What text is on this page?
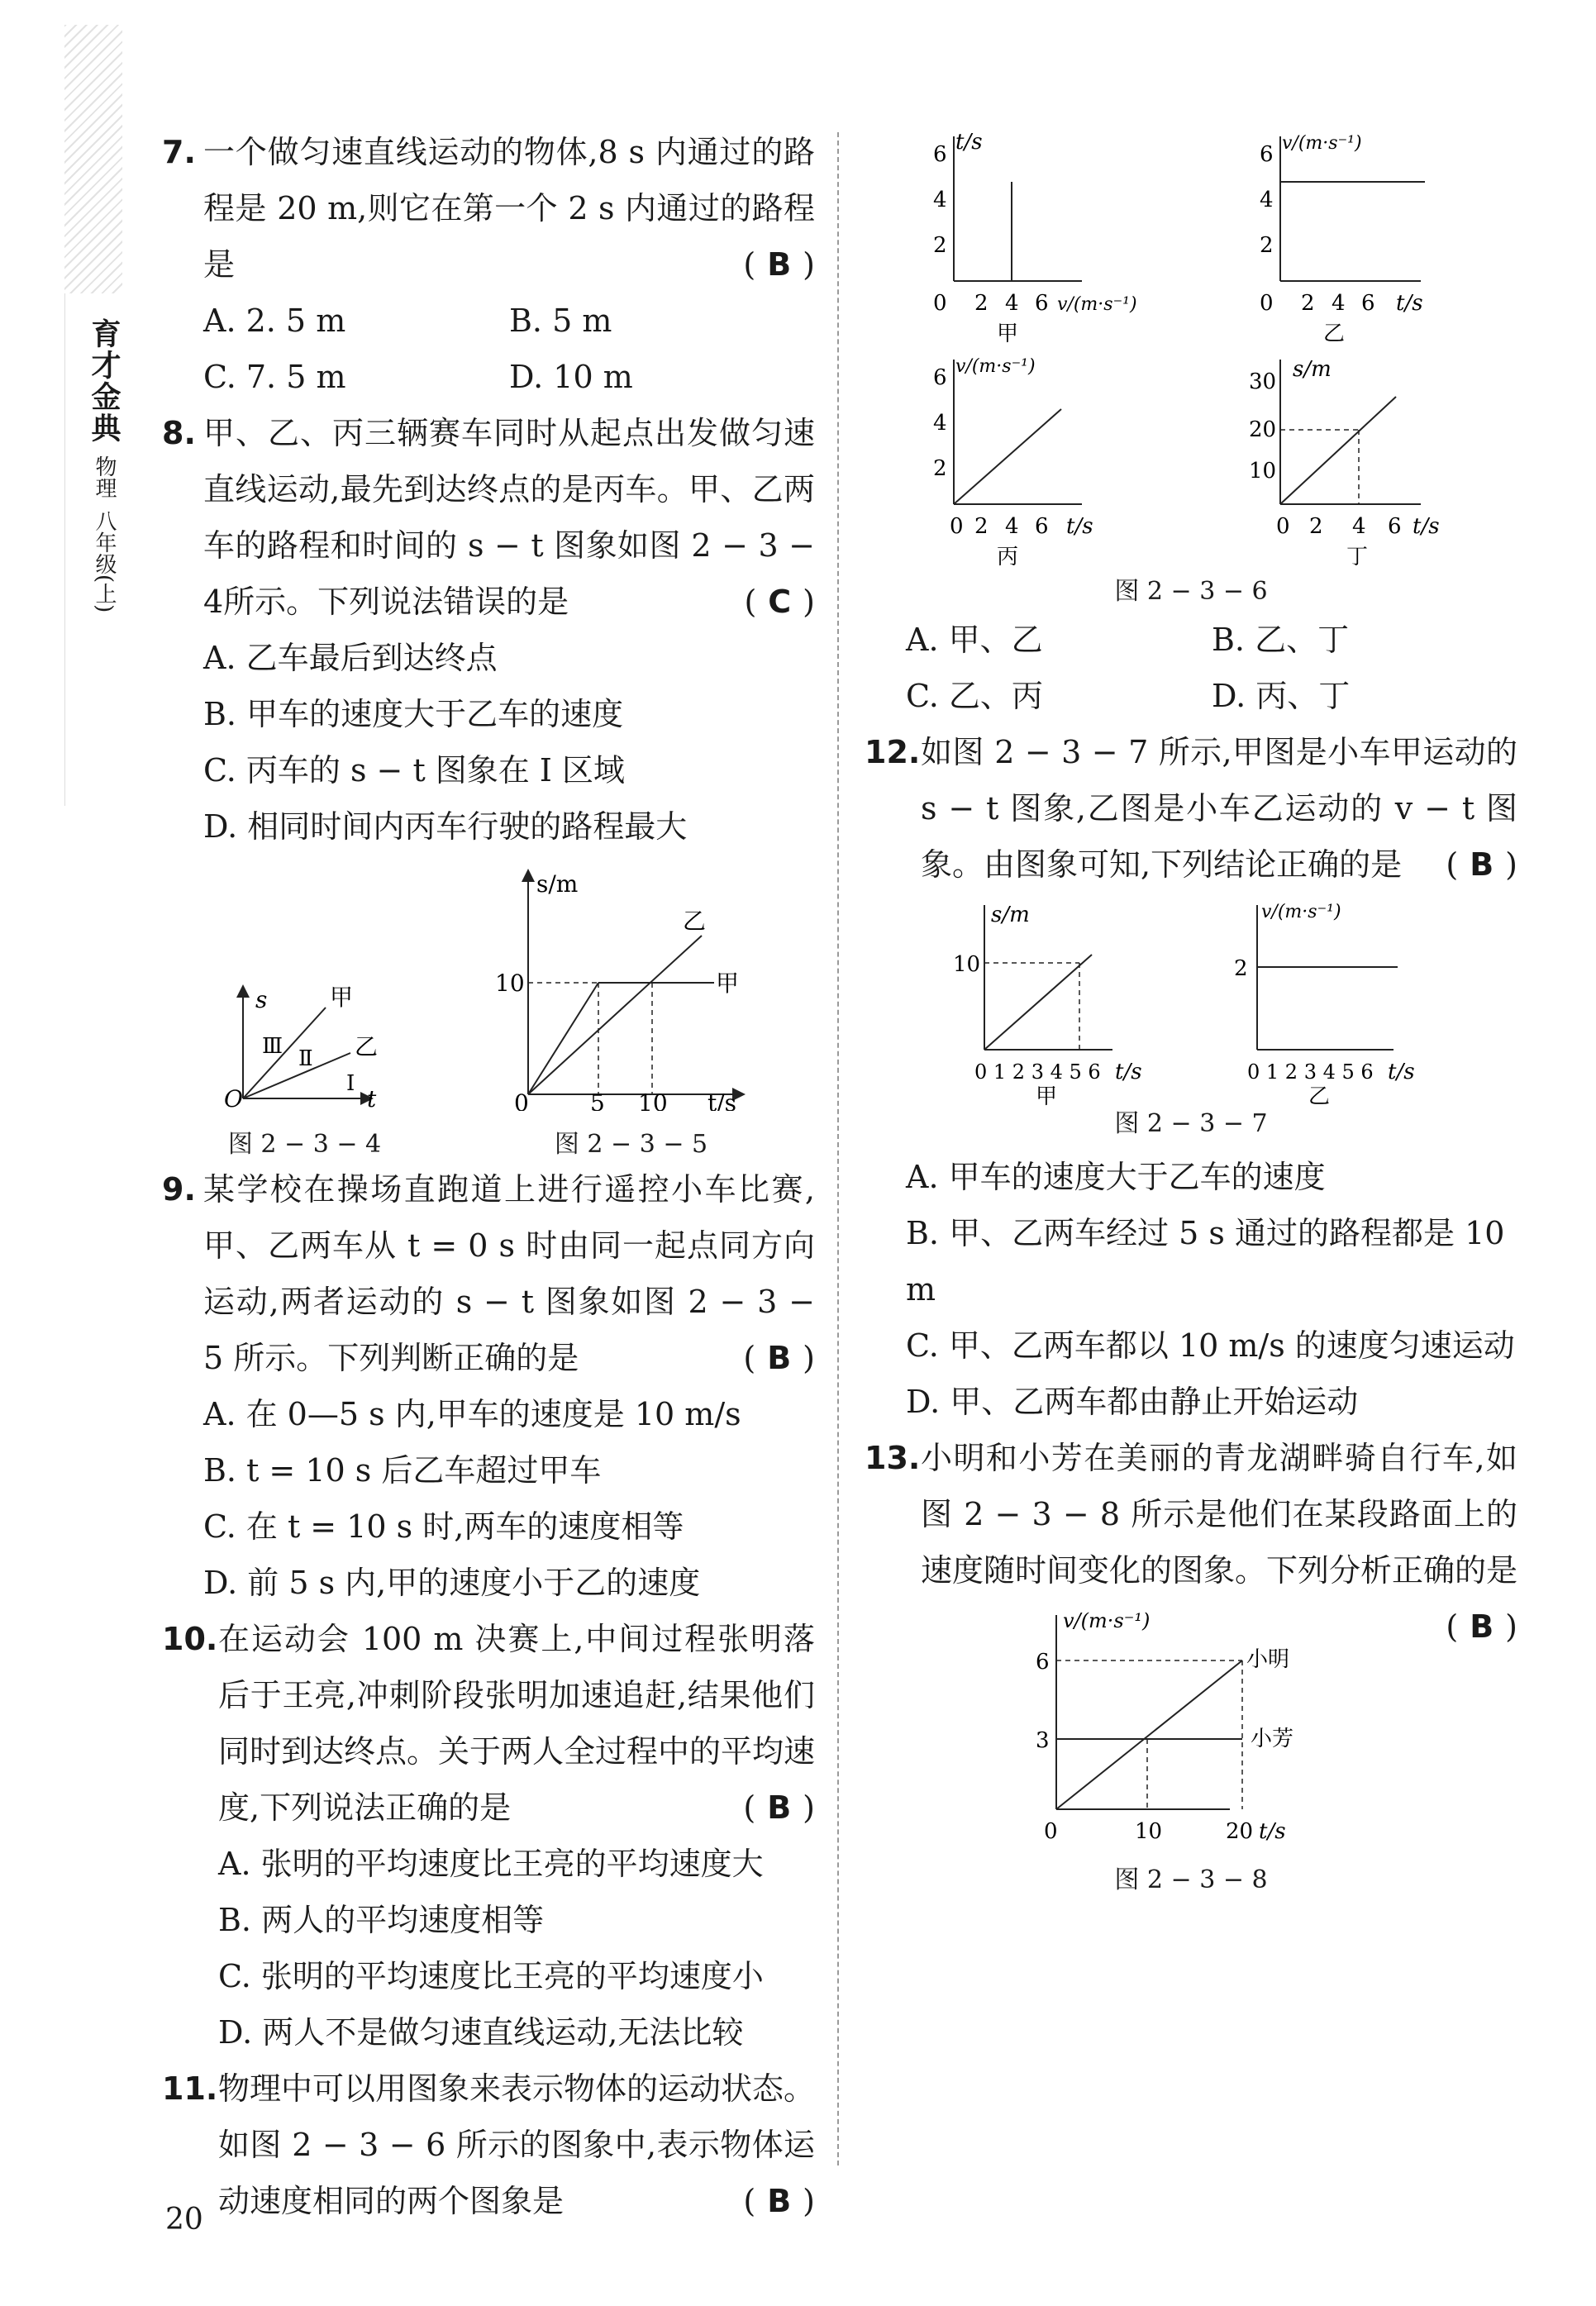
育才金典
物理
八年级(上)
7. 一个做匀速直线运动的物体,8 s 内通过的路程是 20 m,则它在第一个 2 s 内通过的路程是	( B )
A. 2. 5 m	B. 5 m
C. 7. 5 m	D. 10 m
8. 甲、乙、丙三辆赛车同时从起点出发做匀速直线运动,最先到达终点的是丙车。甲、乙两车的路程和时间的 s − t 图象如图 2 − 3 − 4所示。下列说法错误的是	( C )
A. 乙车最后到达终点
B. 甲车的速度大于乙车的速度
C. 丙车的 s − t 图象在 Ⅰ 区域
D. 相同时间内丙车行驶的路程最大
s	甲
乙
Ⅲ Ⅱ
Ⅰ
O	t
图 2 − 3 − 4
s/m
10
乙
甲
0	5 10 t/s
图 2 − 3 − 5
9. 某学校在操场直跑道上进行遥控小车比赛,甲、乙两车从 t = 0 s 时由同一起点同方向运动,两者运动的 s − t 图象如图 2 − 3 − 5 所示。下列判断正确的是	( B )
A. 在 0—5 s 内,甲车的速度是 10 m/s
B. t = 10 s 后乙车超过甲车
C. 在 t = 10 s 时,两车的速度相等
D. 前 5 s 内,甲的速度小于乙的速度
10. 在运动会 100 m 决赛上,中间过程张明落后于王亮,冲刺阶段张明加速追赶,结果他们同时到达终点。关于两人全过程中的平均速度,下列说法正确的是	( B )
A. 张明的平均速度比王亮的平均速度大
B. 两人的平均速度相等
C. 张明的平均速度比王亮的平均速度小
D. 两人不是做匀速直线运动,无法比较
11. 物理中可以用图象来表示物体的运动状态。如图 2 − 3 − 6 所示的图象中,表示物体运动速度相同的两个图象是	( B )
t/s
6
4
2
0 2 4 6 v/(m·s⁻¹)
甲
v/(m·s⁻¹)
6
4
2
0 2 4 6 t/s
乙
v/(m·s⁻¹)
6
4
2
0 2 4 6 t/s
丙
s/m
30
20
10
0 2 4 6 t/s
丁
图 2 − 3 − 6
A. 甲、乙	B. 乙、丁
C. 乙、丙	D. 丙、丁
12. 如图 2 − 3 − 7 所示,甲图是小车甲运动的 s − t 图象,乙图是小车乙运动的 v − t 图象。由图象可知,下列结论正确的是 ( B )
s/m
10
0 1 2 3 4 5 6 t/s
甲
v/(m·s⁻¹)
2
0 1 2 3 4 5 6 t/s
乙
图 2 − 3 − 7
A. 甲车的速度大于乙车的速度
B. 甲、乙两车经过 5 s 通过的路程都是 10 m
C. 甲、乙两车都以 10 m/s 的速度匀速运动
D. 甲、乙两车都由静止开始运动
13. 小明和小芳在美丽的青龙湖畔骑自行车,如图 2 − 3 − 8 所示是他们在某段路面上的速度随时间变化的图象。下列分析正确的是
( B )
v/(m·s⁻¹)
6
3
0	10	20 t/s
小明
小芳
图 2 − 3 − 8
20
